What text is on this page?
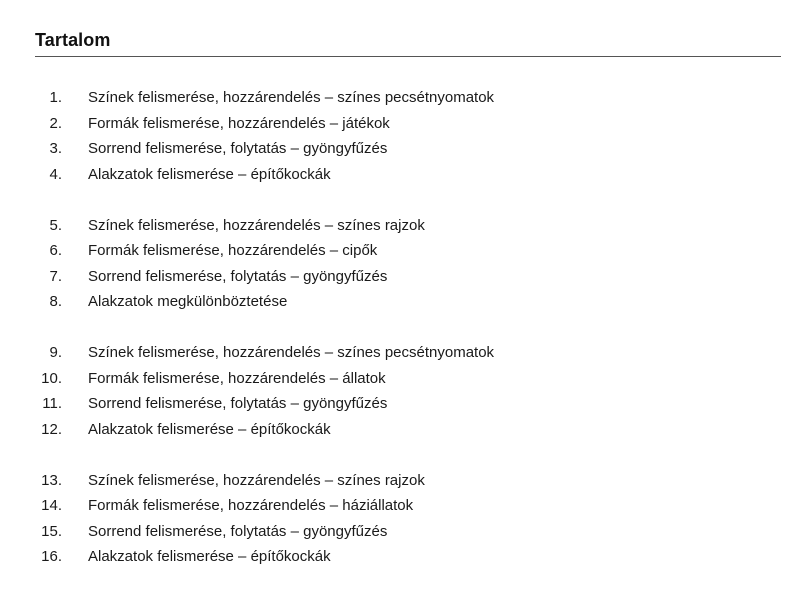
Tartalom
1. Színek felismerése, hozzárendelés – színes pecsétnyomatok
2. Formák felismerése, hozzárendelés – játékok
3. Sorrend felismerése, folytatás – gyöngyfűzés
4. Alakzatok felismerése – építőkockák
5. Színek felismerése, hozzárendelés – színes rajzok
6. Formák felismerése, hozzárendelés – cipők
7. Sorrend felismerése, folytatás – gyöngyfűzés
8. Alakzatok megkülönböztetése
9. Színek felismerése, hozzárendelés – színes pecsétnyomatok
10. Formák felismerése, hozzárendelés – állatok
11. Sorrend felismerése, folytatás – gyöngyfűzés
12. Alakzatok felismerése – építőkockák
13. Színek felismerése, hozzárendelés – színes rajzok
14. Formák felismerése, hozzárendelés – háziállatok
15. Sorrend felismerése, folytatás – gyöngyfűzés
16. Alakzatok felismerése – építőkockák
